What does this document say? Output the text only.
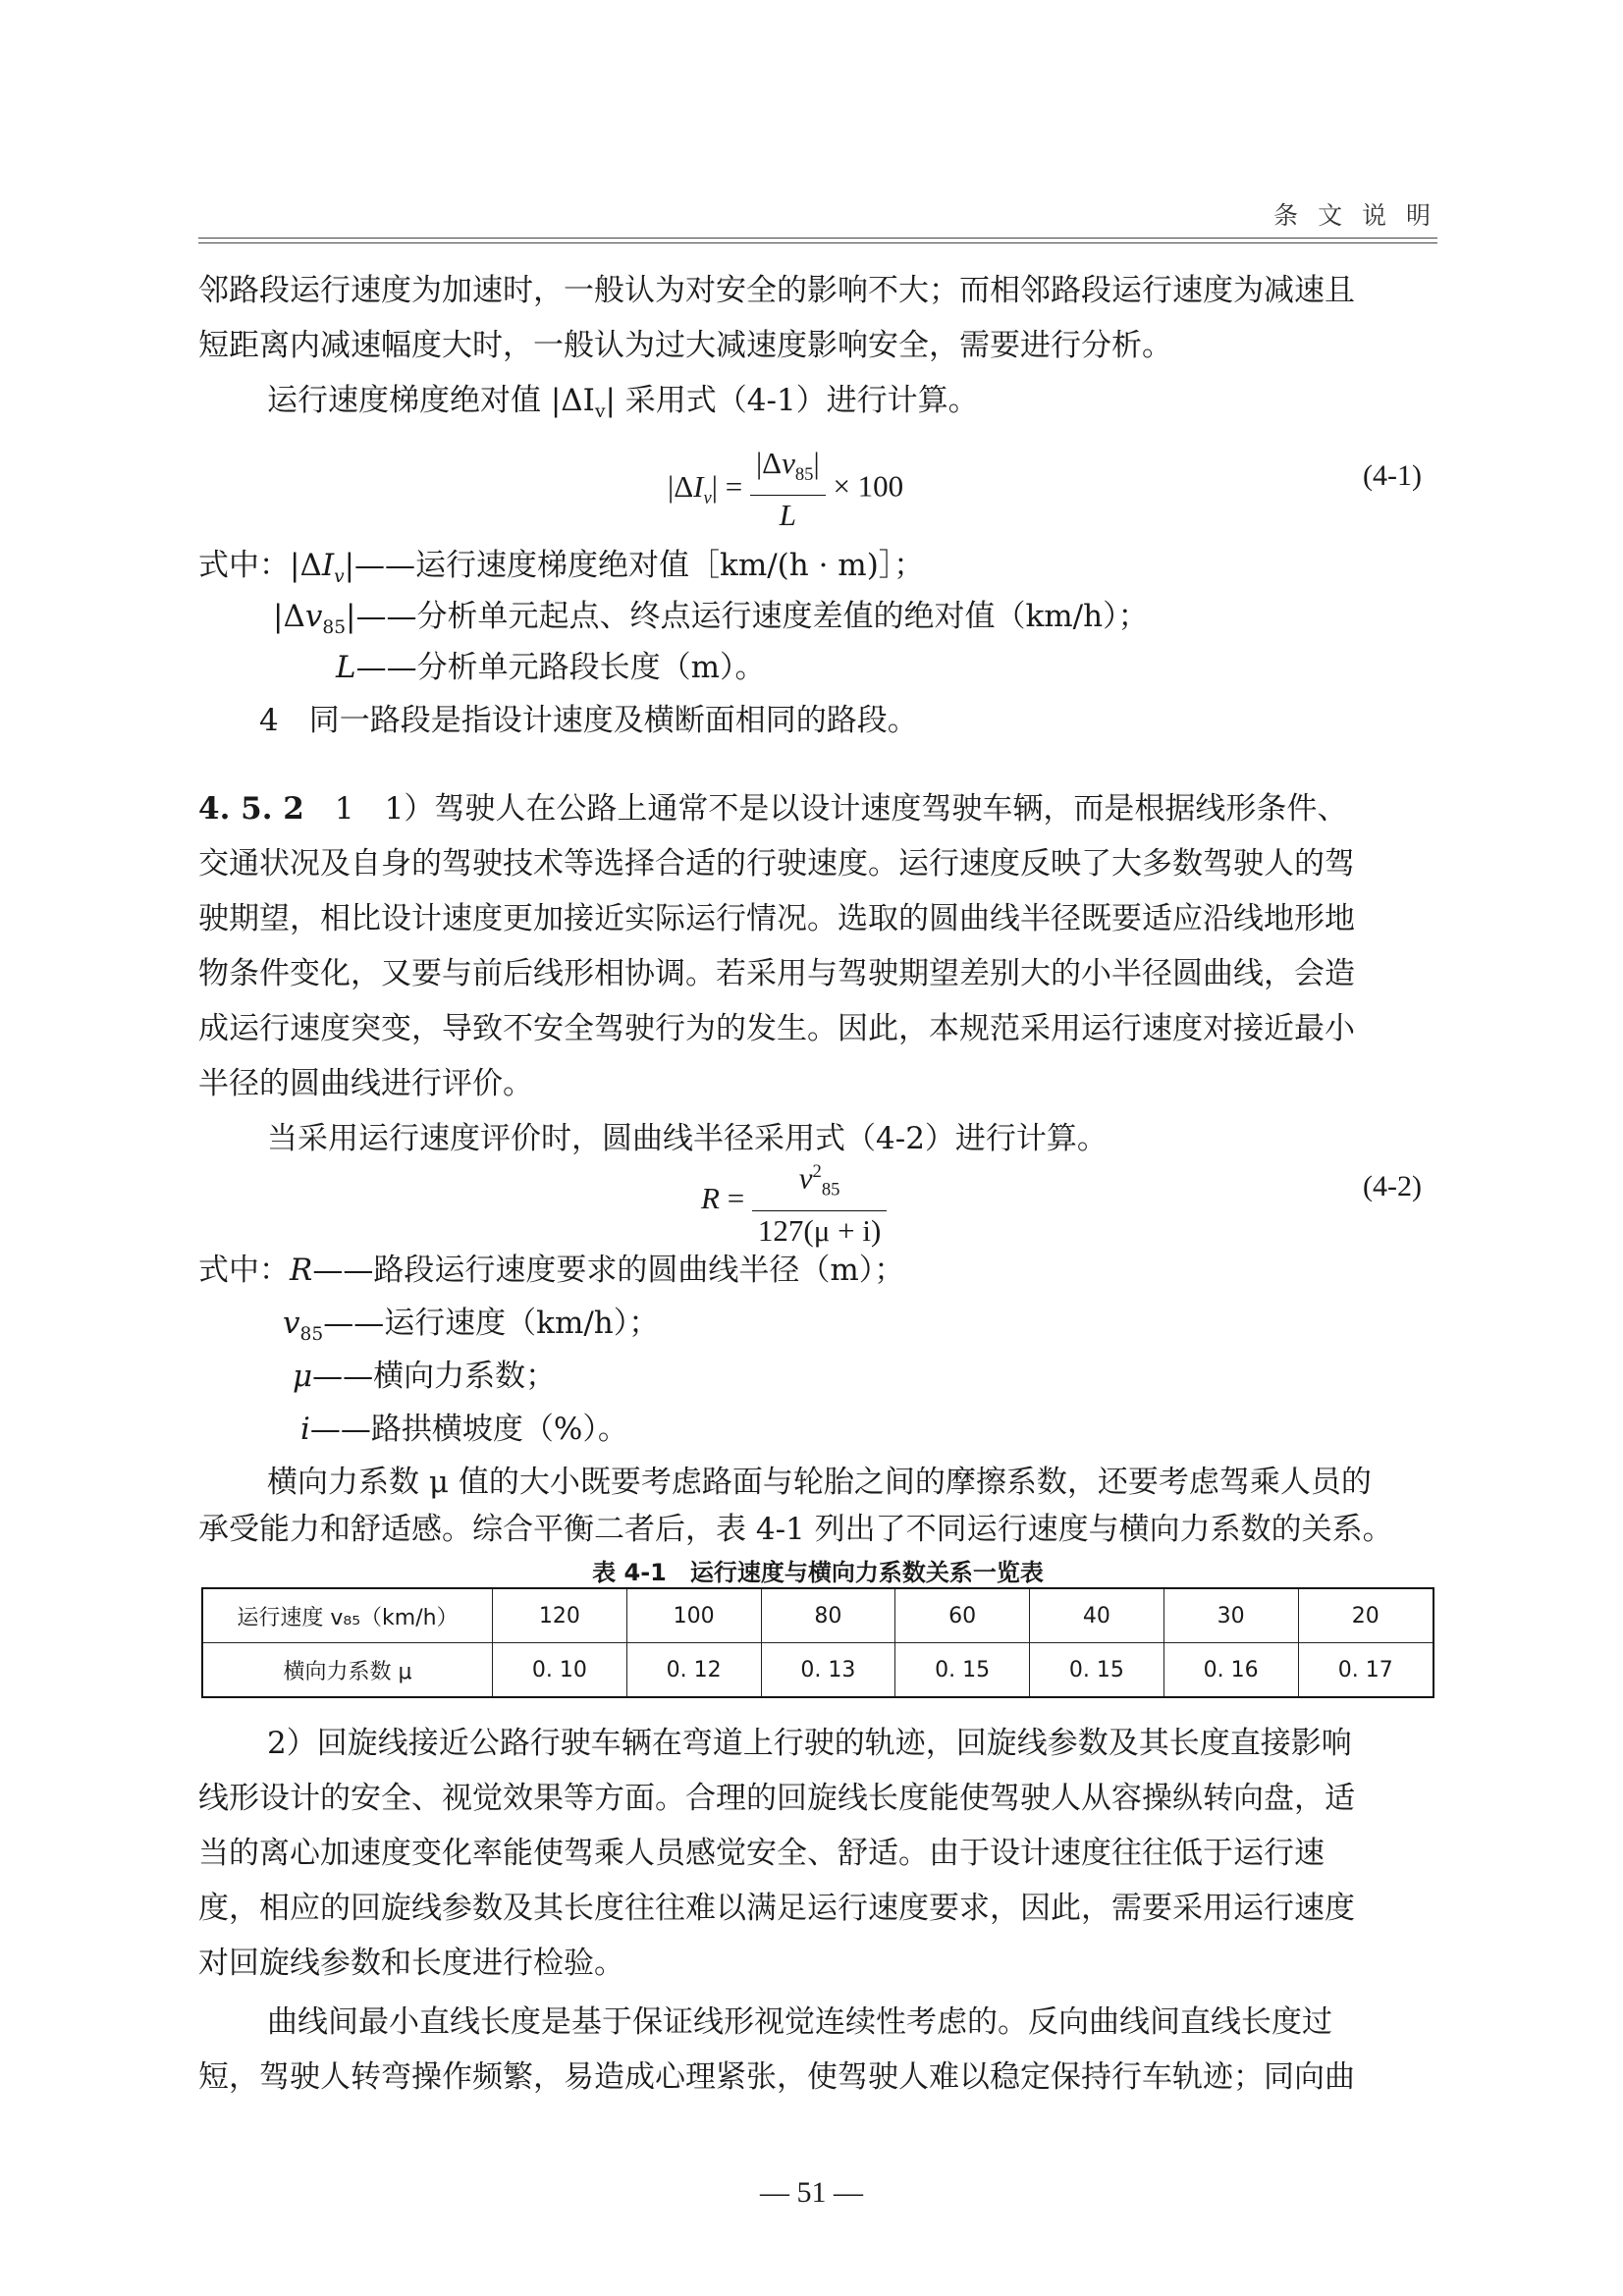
条 文 说 明
邻路段运行速度为加速时，一般认为对安全的影响不大；而相邻路段运行速度为减速且
短距离内减速幅度大时，一般认为过大减速度影响安全，需要进行分析。
运行速度梯度绝对值 $|\Delta I_v|$ 采用式（4-1）进行计算。
$|\Delta I_v| = \frac{|\Delta v_{85}|}{L} \times 100$	(4-1)
式中：$|\Delta I_v|——$运行速度梯度绝对值［km/(h · m)］；
$|\Delta v_{85}|——$分析单元起点、终点运行速度差值的绝对值（km/h）；
L——分析单元路段长度（m）。
4　同一路段是指设计速度及横断面相同的路段。
4. 5. 2　1　1）驾驶人在公路上通常不是以设计速度驾驶车辆，而是根据线形条件、
交通状况及自身的驾驶技术等选择合适的行驶速度。运行速度反映了大多数驾驶人的驾
驶期望，相比设计速度更加接近实际运行情况。选取的圆曲线半径既要适应沿线地形地
物条件变化，又要与前后线形相协调。若采用与驾驶期望差别大的小半径圆曲线，会造
成运行速度突变，导致不安全驾驶行为的发生。因此，本规范采用运行速度对接近最小
半径的圆曲线进行评价。
当采用运行速度评价时，圆曲线半径采用式（4-2）进行计算。
$R = \frac{v^2_{85}}{127(\mu + i)}$	(4-2)
式中：R——路段运行速度要求的圆曲线半径（m）；
$v_{85}——$运行速度（km/h）；
μ——横向力系数；
i——路拱横坡度（%）。
横向力系数 μ 值的大小既要考虑路面与轮胎之间的摩擦系数，还要考虑驾乘人员的
承受能力和舒适感。综合平衡二者后，表 4-1 列出了不同运行速度与横向力系数的关系。
表 4-1　运行速度与横向力系数关系一览表
运行速度 v₈₅（km/h）	120	100	80	60	40	30	20
横向力系数 μ	0. 10	0. 12	0. 13	0. 15	0. 15	0. 16	0. 17
2）回旋线接近公路行驶车辆在弯道上行驶的轨迹，回旋线参数及其长度直接影响
线形设计的安全、视觉效果等方面。合理的回旋线长度能使驾驶人从容操纵转向盘，适
当的离心加速度变化率能使驾乘人员感觉安全、舒适。由于设计速度往往低于运行速
度，相应的回旋线参数及其长度往往难以满足运行速度要求，因此，需要采用运行速度
对回旋线参数和长度进行检验。
曲线间最小直线长度是基于保证线形视觉连续性考虑的。反向曲线间直线长度过
短，驾驶人转弯操作频繁，易造成心理紧张，使驾驶人难以稳定保持行车轨迹；同向曲
— 51 —
